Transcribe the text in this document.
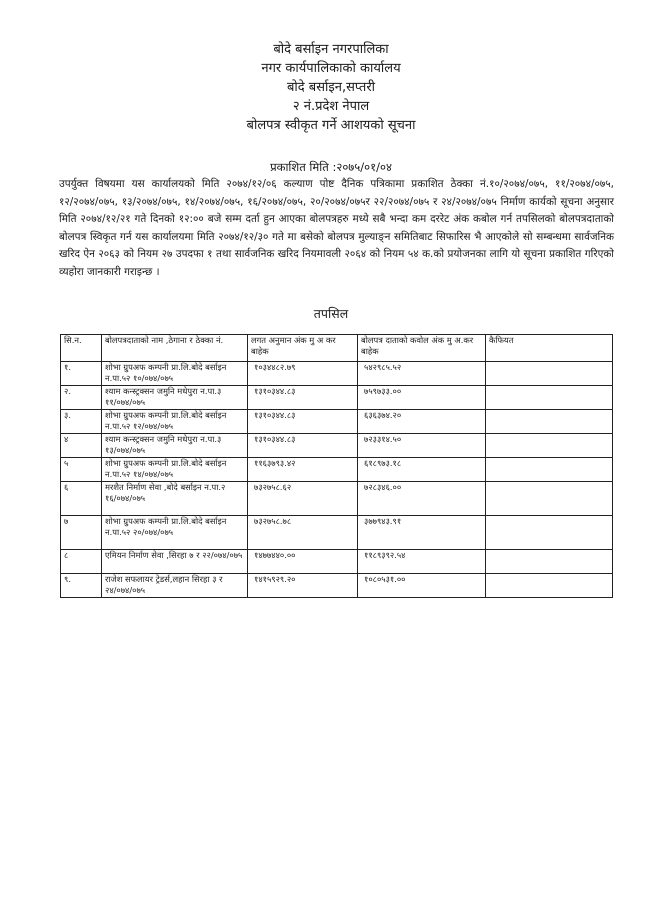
बोदे बर्साइन नगरपालिका
नगर कार्यपालिकाको कार्यालय
बोदे बर्साइन,सप्तरी
२ नं.प्रदेश नेपाल
बोलपत्र स्वीकृत गर्ने आशयको सूचना
प्रकाशित मिति :२०७५/०१/०४
उपर्युक्त विषयमा यस कार्यालयको मिति २०७४/१२/०६ कल्याण पोष्ट दैनिक पत्रिकामा प्रकाशित ठेक्का नं.१०/२०७४/०७५, ११/२०७४/०७५, १२/२०७४/०७५, १३/२०७४/०७५, १४/२०७४/०७५, १६/२०७४/०७५, २०/२०७४/०७५र २२/२०७४/०७५ र २४/२०७४/०७५ निर्माण कार्यको सूचना अनुसार मिति २०७४/१२/२१ गते दिनको १२:०० बजे सम्म दर्ता हुन आएका बोलपत्रहरु मध्ये सबै भन्दा कम दररेट अंक कबोल गर्न तपसिलको बोलपत्रदाताको बोलपत्र स्विकृत गर्न यस कार्यालयमा मिति २०७४/१२/३० गते मा बसेको बोलपत्र मुल्याङ्न समितिबाट सिफारिस भै आएकोले सो सम्बन्धमा सार्वजनिक खरिद ऐन २०६३ को नियम २७ उपदफा १ तथा सार्वजनिक खरिद नियमावली २०६४ को नियम ५४ क.को प्रयोजनका लागि यो सूचना प्रकाशित गरिएको व्यहोरा जानकारी गराइन्छ ।
तपसिल
सि.न.	बोलपत्रदाताको नाम ,ठेगाना र ठेक्का नं.	लगत अनुमान अंक मु अ कर बाहेक	बोलपत्र दाताको कवोल अंक मु अ.कर बाहेक	कैफियत
१.	शोभा ग्रुपअफ कम्पनी प्रा.लि.बोदे बर्साइन न.पा.५२ १०/०७४/०७५	१०३४४८२.७९	५४२९८५.५२	
२.	श्याम कन्स्ट्रक्सन जमुनि मधेपुरा न.पा.३ ११/०७४/०७५	१३१०३४४.८३	७५९७३३.००	
३.	शोभा ग्रुपअफ कम्पनी प्रा.लि.बोदे बर्साइन न.पा.५२ १२/०७४/०७५	१३१०३४४.८३	६३६३७४.२०	
४	श्याम कन्स्ट्रक्सन जमुनि मधेपुरा न.पा.३ १३/०७४/०७५	१३१०३४४.८३	७२३३१४.५०	
५	शोभा ग्रुपअफ कम्पनी प्रा.लि.बोदे बर्साइन न.पा.५२ १४/०७४/०७५	११६३७९३.४२	६१८९७३.१८	
६	मरशैत निर्माण सेवा ,बोदे बर्साइन न.पा.२ १६/०७४/०७५	७३२७५८.६२	७२८३४६.००	
७	शोभा ग्रुपअफ कम्पनी प्रा.लि.बोदे बर्साइन न.पा.५२ २०/०७४/०७५	७३२७५८.७८	३७७९४३.९१	
८	एमियन निर्माण सेवा ,सिरहा ७ र २२/०७४/०७५	१४७७४४०.००	११८९३९२.५४	
९.	राजेश सफलायर ट्रेडर्स,लहान सिरहा ३ र २४/०७४/०७५	१४१५९२९.२०	१०८०५३१.००	
